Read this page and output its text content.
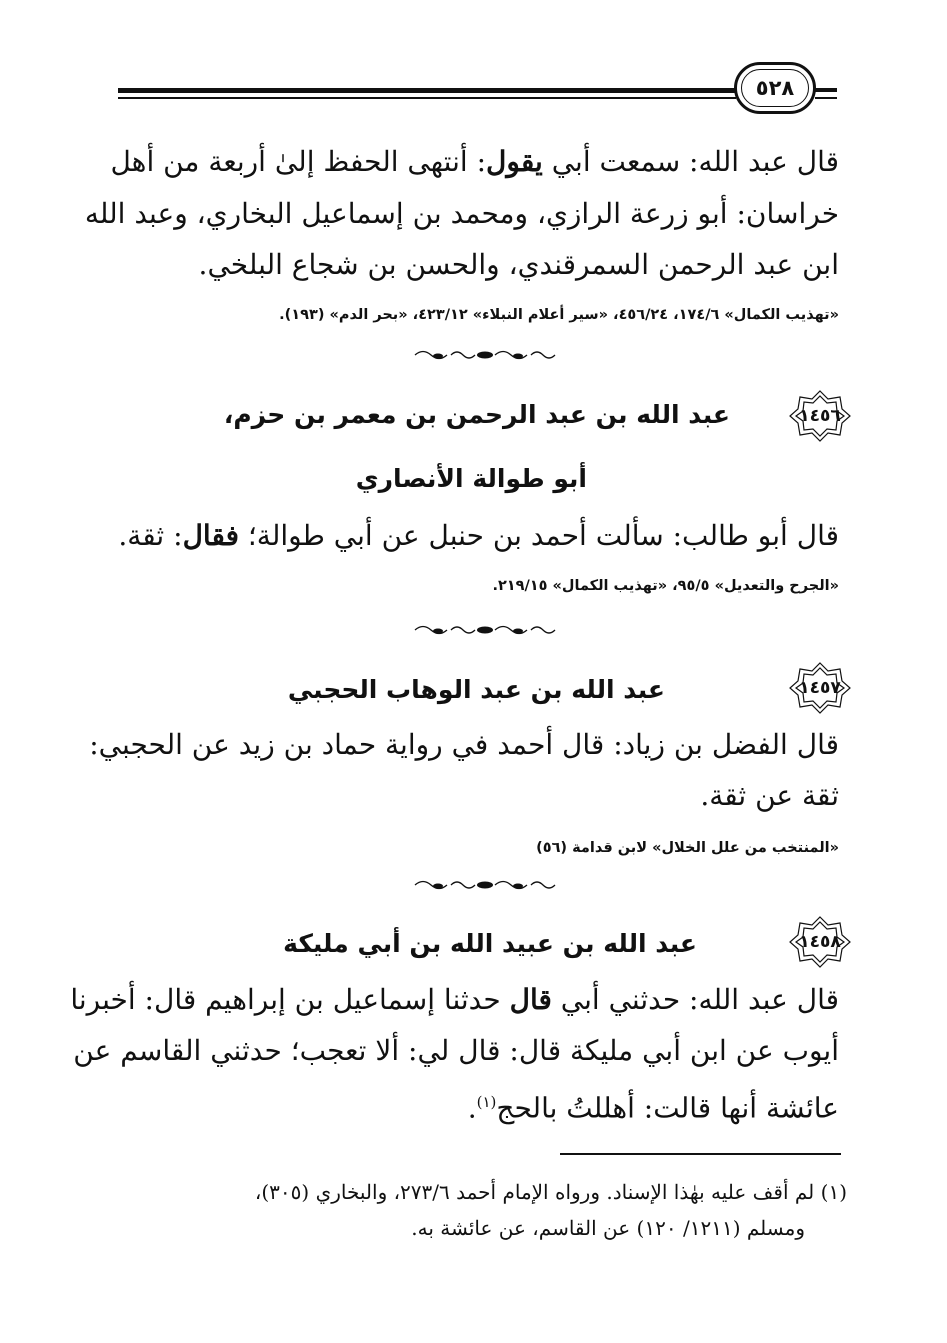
٥٢٨
قال عبد الله: سمعت أبي يقول: أنتهى الحفظ إلىٰ أربعة من أهل
خراسان: أبو زرعة الرازي، ومحمد بن إسماعيل البخاري، وعبد الله
ابن عبد الرحمن السمرقندي، والحسن بن شجاع البلخي.
«تهذيب الكمال» ١٧٤/٦، ٤٥٦/٢٤، «سير أعلام النبلاء» ٤٢٣/١٢، «بحر الدم» (١٩٣).
١٤٥٦
عبد الله بن عبد الرحمن بن معمر بن حزم،
أبو طوالة الأنصاري
قال أبو طالب: سألت أحمد بن حنبل عن أبي طوالة؛ فقال: ثقة.
«الجرح والتعديل» ٩٥/٥، «تهذيب الكمال» ٢١٩/١٥.
١٤٥٧
عبد الله بن عبد الوهاب الحجبي
قال الفضل بن زياد: قال أحمد في رواية حماد بن زيد عن الحجبي:
ثقة عن ثقة.
«المنتخب من علل الخلال» لابن قدامة (٥٦)
١٤٥٨
عبد الله بن عبيد الله بن أبي مليكة
قال عبد الله: حدثني أبي قال حدثنا إسماعيل بن إبراهيم قال: أخبرنا
أيوب عن ابن أبي مليكة قال: قال لي: ألا تعجب؛ حدثني القاسم عن
عائشة أنها قالت: أهللتُ بالحج$^{(١)}$.
(١) لم أقف عليه بهٰذا الإسناد. ورواه الإمام أحمد ٢٧٣/٦، والبخاري (٣٠٥)،
ومسلم (١٢١١/ ١٢٠) عن القاسم، عن عائشة به.
